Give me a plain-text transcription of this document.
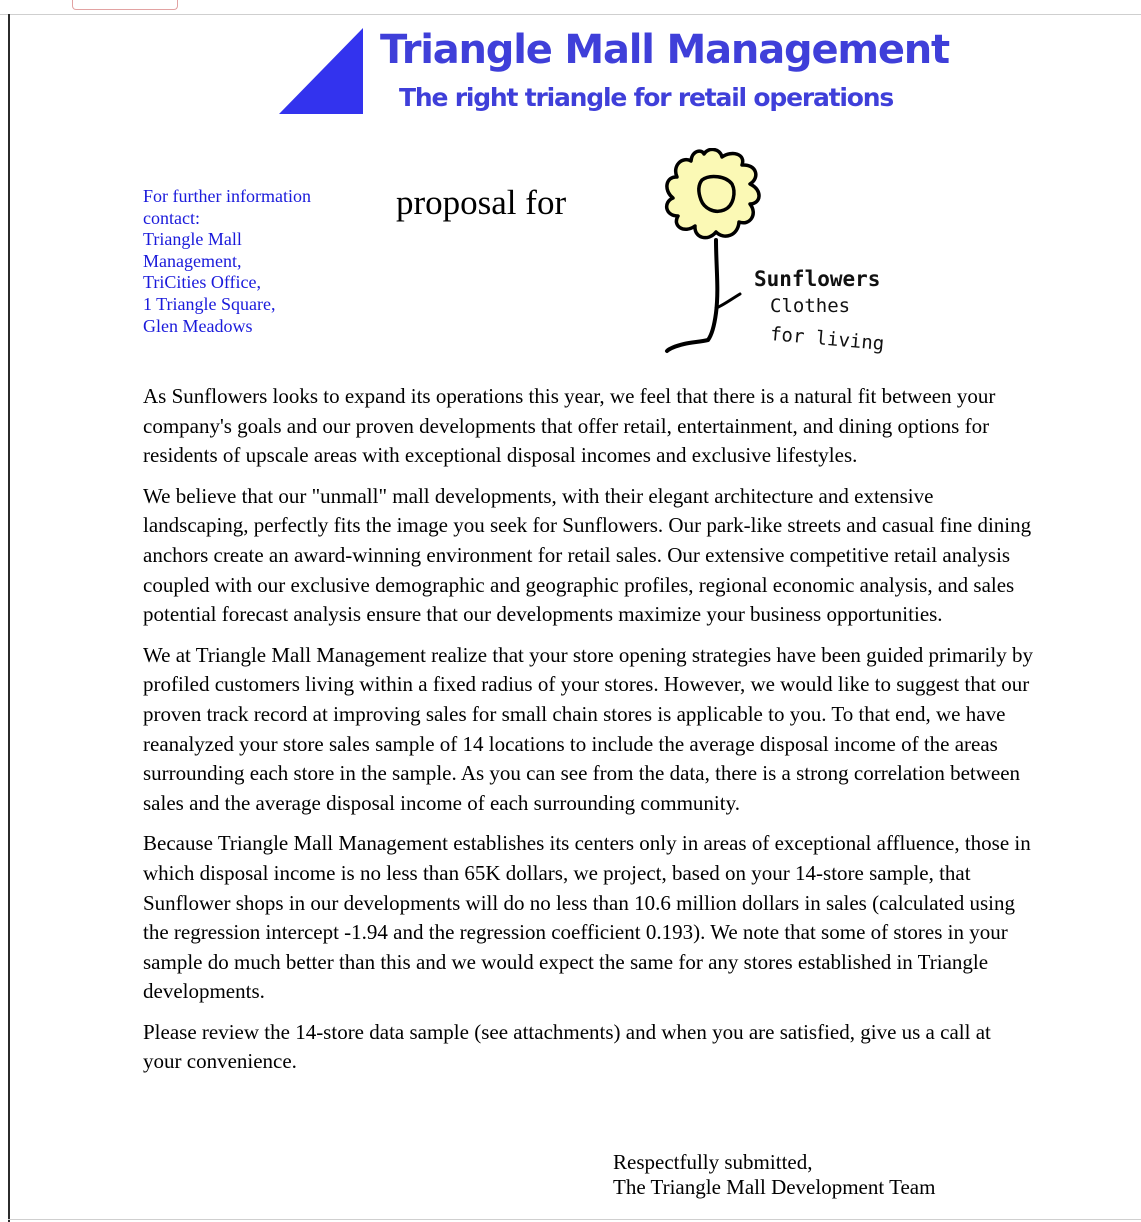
Triangle Mall Management
The right triangle for retail operations
For further information
contact:
Triangle Mall
Management,
TriCities Office,
1 Triangle Square,
Glen Meadows
proposal for
Sunflowers
Clothes
for living

As Sunflowers looks to expand its operations this year, we feel that there is a natural fit between your company's goals and our proven developments that offer retail, entertainment, and dining options for residents of upscale areas with exceptional disposal incomes and exclusive lifestyles.

We believe that our "unmall" mall developments, with their elegant architecture and extensive landscaping, perfectly fits the image you seek for Sunflowers. Our park-like streets and casual fine dining anchors create an award-winning environment for retail sales. Our extensive competitive retail analysis coupled with our exclusive demographic and geographic profiles, regional economic analysis, and sales potential forecast analysis ensure that our developments maximize your business opportunities.

We at Triangle Mall Management realize that your store opening strategies have been guided primarily by profiled customers living within a fixed radius of your stores. However, we would like to suggest that our proven track record at improving sales for small chain stores is applicable to you. To that end, we have reanalyzed your store sales sample of 14 locations to include the average disposal income of the areas surrounding each store in the sample. As you can see from the data, there is a strong correlation between sales and the average disposal income of each surrounding community.

Because Triangle Mall Management establishes its centers only in areas of exceptional affluence, those in which disposal income is no less than 65K dollars, we project, based on your 14-store sample, that Sunflower shops in our developments will do no less than 10.6 million dollars in sales (calculated using the regression intercept -1.94 and the regression coefficient 0.193). We note that some of stores in your sample do much better than this and we would expect the same for any stores established in Triangle developments.

Please review the 14-store data sample (see attachments) and when you are satisfied, give us a call at your convenience.

Respectfully submitted,
The Triangle Mall Development Team
